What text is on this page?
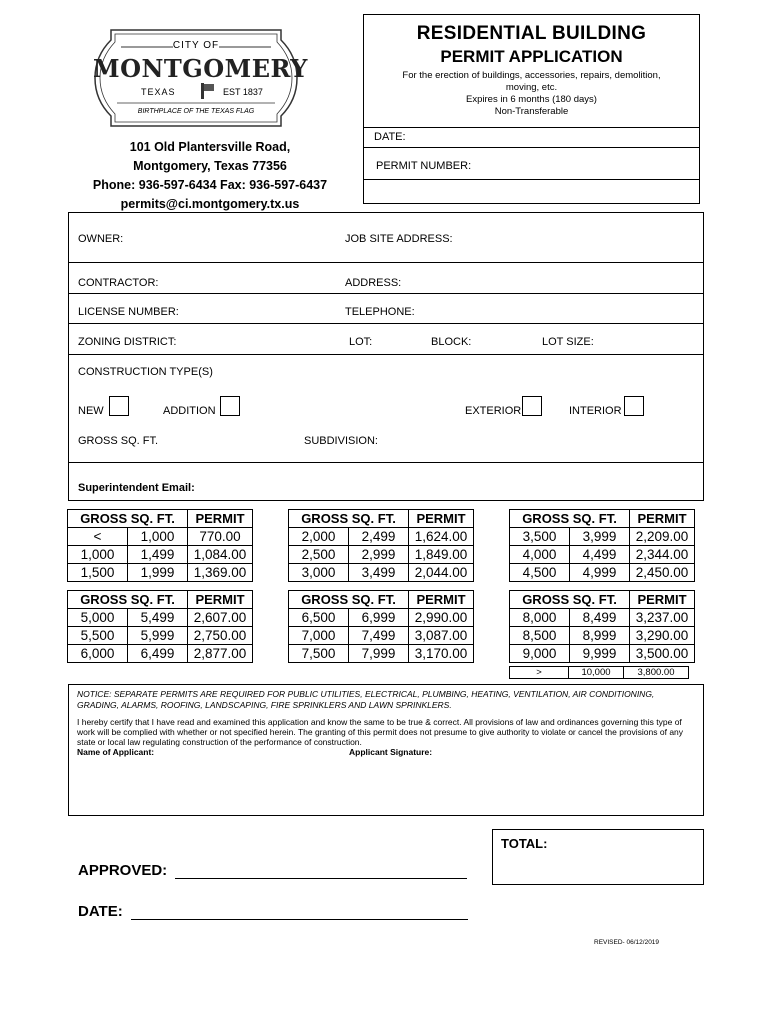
CITY OF
MONTGOMERY
TEXAS	EST 1837
BIRTHPLACE OF THE TEXAS FLAG
101 Old Plantersville Road,
Montgomery, Texas 77356
Phone: 936-597-6434 Fax: 936-597-6437
permits@ci.montgomery.tx.us
RESIDENTIAL BUILDING
PERMIT APPLICATION
For the erection of buildings, accessories, repairs, demolition, moving, etc.
Expires in 6 months (180 days)
Non-Transferable
DATE:
PERMIT NUMBER:
OWNER:	JOB SITE ADDRESS:
CONTRACTOR:	ADDRESS:
LICENSE NUMBER:	TELEPHONE:
ZONING DISTRICT:	LOT:	BLOCK:	LOT SIZE:
CONSTRUCTION TYPE(S)
NEW	ADDITION	EXTERIOR	INTERIOR
GROSS SQ. FT.	SUBDIVISION:
Superintendent Email:
GROSS SQ. FT.		PERMIT
<	1,000	770.00
1,000	1,499	1,084.00
1,500	1,999	1,369.00
GROSS SQ. FT.		PERMIT
2,000	2,499	1,624.00
2,500	2,999	1,849.00
3,000	3,499	2,044.00
GROSS SQ. FT.		PERMIT
3,500	3,999	2,209.00
4,000	4,499	2,344.00
4,500	4,999	2,450.00
GROSS SQ. FT.		PERMIT
5,000	5,499	2,607.00
5,500	5,999	2,750.00
6,000	6,499	2,877.00
GROSS SQ. FT.		PERMIT
6,500	6,999	2,990.00
7,000	7,499	3,087.00
7,500	7,999	3,170.00
GROSS SQ. FT.		PERMIT
8,000	8,499	3,237.00
8,500	8,999	3,290.00
9,000	9,999	3,500.00
>	10,000	3,800.00
NOTICE: SEPARATE PERMITS ARE REQUIRED FOR PUBLIC UTILITIES, ELECTRICAL, PLUMBING, HEATING, VENTILATION, AIR CONDITIONING, GRADING, ALARMS, ROOFING, LANDSCAPING, FIRE SPRINKLERS AND LAWN SPRINKLERS.
I hereby certify that I have read and examined this application and know the same to be true & correct. All provisions of law and ordinances governing this type of work will be complied with whether or not specified herein. The granting of this permit does not presume to give authority to violate or cancel the provisions of any state or local law regulating construction of the performance of construction.
Name of Applicant:	Applicant Signature:
TOTAL:
APPROVED:
DATE:
REVISED- 06/12/2019
